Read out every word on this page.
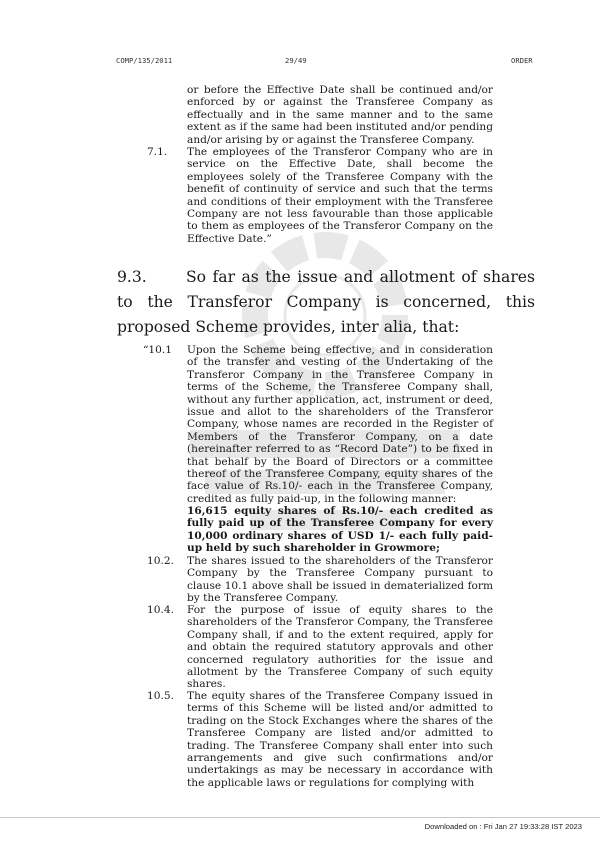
COMP/135/2011	29/49	ORDER
or before the Effective Date shall be continued and/or enforced by or against the Transferee Company as effectually and in the same manner and to the same extent as if the same had been instituted and/or pending and/or arising by or against the Transferee Company.
7.1.	The employees of the Transferor Company who are in service on the Effective Date, shall become the employees solely of the Transferee Company with the benefit of continuity of service and such that the terms and conditions of their employment with the Transferee Company are not less favourable than those applicable to them as employees of the Transferor Company on the Effective Date.”
9.3.	So far as the issue and allotment of shares to the Transferor Company is concerned, this proposed Scheme provides, inter alia, that:
“10.1	Upon the Scheme being effective, and in consideration of the transfer and vesting of the Undertaking of the Transferor Company in the Transferee Company in terms of the Scheme, the Transferee Company shall, without any further application, act, instrument or deed, issue and allot to the shareholders of the Transferor Company, whose names are recorded in the Register of Members of the Transferor Company, on a date (hereinafter referred to as “Record Date”) to be fixed in that behalf by the Board of Directors or a committee thereof of the Transferee Company, equity shares of the face value of Rs.10/- each in the Transferee Company, credited as fully paid-up, in the following manner:
16,615 equity shares of Rs.10/- each credited as fully paid up of the Transferee Company for every 10,000 ordinary shares of USD 1/- each fully paid-up held by such shareholder in Growmore;
10.2.	The shares issued to the shareholders of the Transferor Company by the Transferee Company pursuant to clause 10.1 above shall be issued in dematerialized form by the Transferee Company.
10.4.	For the purpose of issue of equity shares to the shareholders of the Transferor Company, the Transferee Company shall, if and to the extent required, apply for and obtain the required statutory approvals and other concerned regulatory authorities for the issue and allotment by the Transferee Company of such equity shares.
10.5.	The equity shares of the Transferee Company issued in terms of this Scheme will be listed and/or admitted to trading on the Stock Exchanges where the shares of the Transferee Company are listed and/or admitted to trading. The Transferee Company shall enter into such arrangements and give such confirmations and/or undertakings as may be necessary in accordance with the applicable laws or regulations for complying with
Downloaded on : Fri Jan 27 19:33:28 IST 2023
